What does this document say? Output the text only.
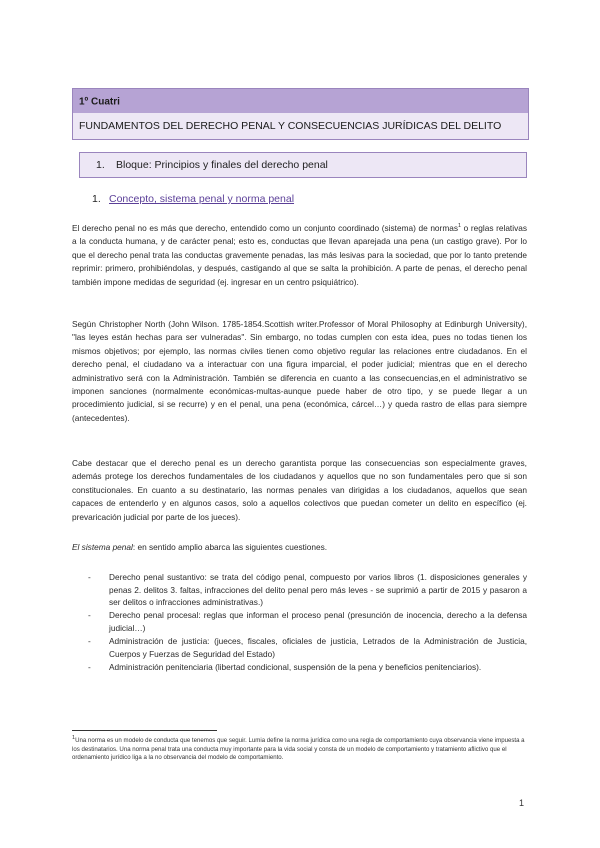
1º Cuatri
FUNDAMENTOS DEL DERECHO PENAL Y CONSECUENCIAS JURÍDICAS DEL DELITO
1. Bloque: Principios y finales del derecho penal
1. Concepto, sistema penal y norma penal

El derecho penal no es más que derecho, entendido como un conjunto coordinado (sistema) de normas$^1$ o reglas relativas a la conducta humana, y de carácter penal; esto es, conductas que llevan aparejada una pena (un castigo grave). Por lo que el derecho penal trata las conductas gravemente penadas, las más lesivas para la sociedad, que por lo tanto pretende reprimir: primero, prohibiéndolas, y después, castigando al que se salta la prohibición. A parte de penas, el derecho penal también impone medidas de seguridad (ej. ingresar en un centro psiquiátrico).

Según Christopher North (John Wilson. 1785-1854.Scottish writer.Professor of Moral Philosophy at Edinburgh University), "las leyes están hechas para ser vulneradas". Sin embargo, no todas cumplen con esta idea, pues no todas tienen los mismos objetivos; por ejemplo, las normas civiles tienen como objetivo regular las relaciones entre ciudadanos. En el derecho penal, el ciudadano va a interactuar con una figura imparcial, el poder judicial; mientras que en el derecho administrativo será con la Administración. También se diferencia en cuanto a las consecuencias,en el administrativo se imponen sanciones (normalmente económicas-multas-aunque puede haber de otro tipo, y se puede llegar a un procedimiento judicial, si se recurre) y en el penal, una pena (económica, cárcel…) y queda rastro de ellas para siempre (antecedentes).

Cabe destacar que el derecho penal es un derecho garantista porque las consecuencias son especialmente graves, además protege los derechos fundamentales de los ciudadanos y aquellos que no son fundamentales pero que si son constitucionales. En cuanto a su destinatario, las normas penales van dirigidas a los ciudadanos, aquellos que sean capaces de entenderlo y en algunos casos, solo a aquellos colectivos que puedan cometer un delito en específico (ej. prevaricación judicial por parte de los jueces).

El sistema penal: en sentido amplio abarca las siguientes cuestiones.

- Derecho penal sustantivo: se trata del código penal, compuesto por varios libros (1. disposiciones generales y penas 2. delitos 3. faltas, infracciones del delito penal pero más leves - se suprimió a partir de 2015 y pasaron a ser delitos o infracciones administrativas.)
- Derecho penal procesal: reglas que informan el proceso penal (presunción de inocencia, derecho a la defensa judicial…)
- Administración de justicia: (jueces, fiscales, oficiales de justicia, Letrados de la Administración de Justicia, Cuerpos y Fuerzas de Seguridad del Estado)
- Administración penitenciaria (libertad condicional, suspensión de la pena y beneficios penitenciarios).

$^1$Una norma es un modelo de conducta que tenemos que seguir. Lumia define la norma jurídica como una regla de comportamiento cuya observancia viene impuesta a los destinatarios. Una norma penal trata una conducta muy importante para la vida social y consta de un modelo de comportamiento y tratamiento aflictivo que el ordenamiento jurídico liga a la no observancia del modelo de comportamiento.

1
